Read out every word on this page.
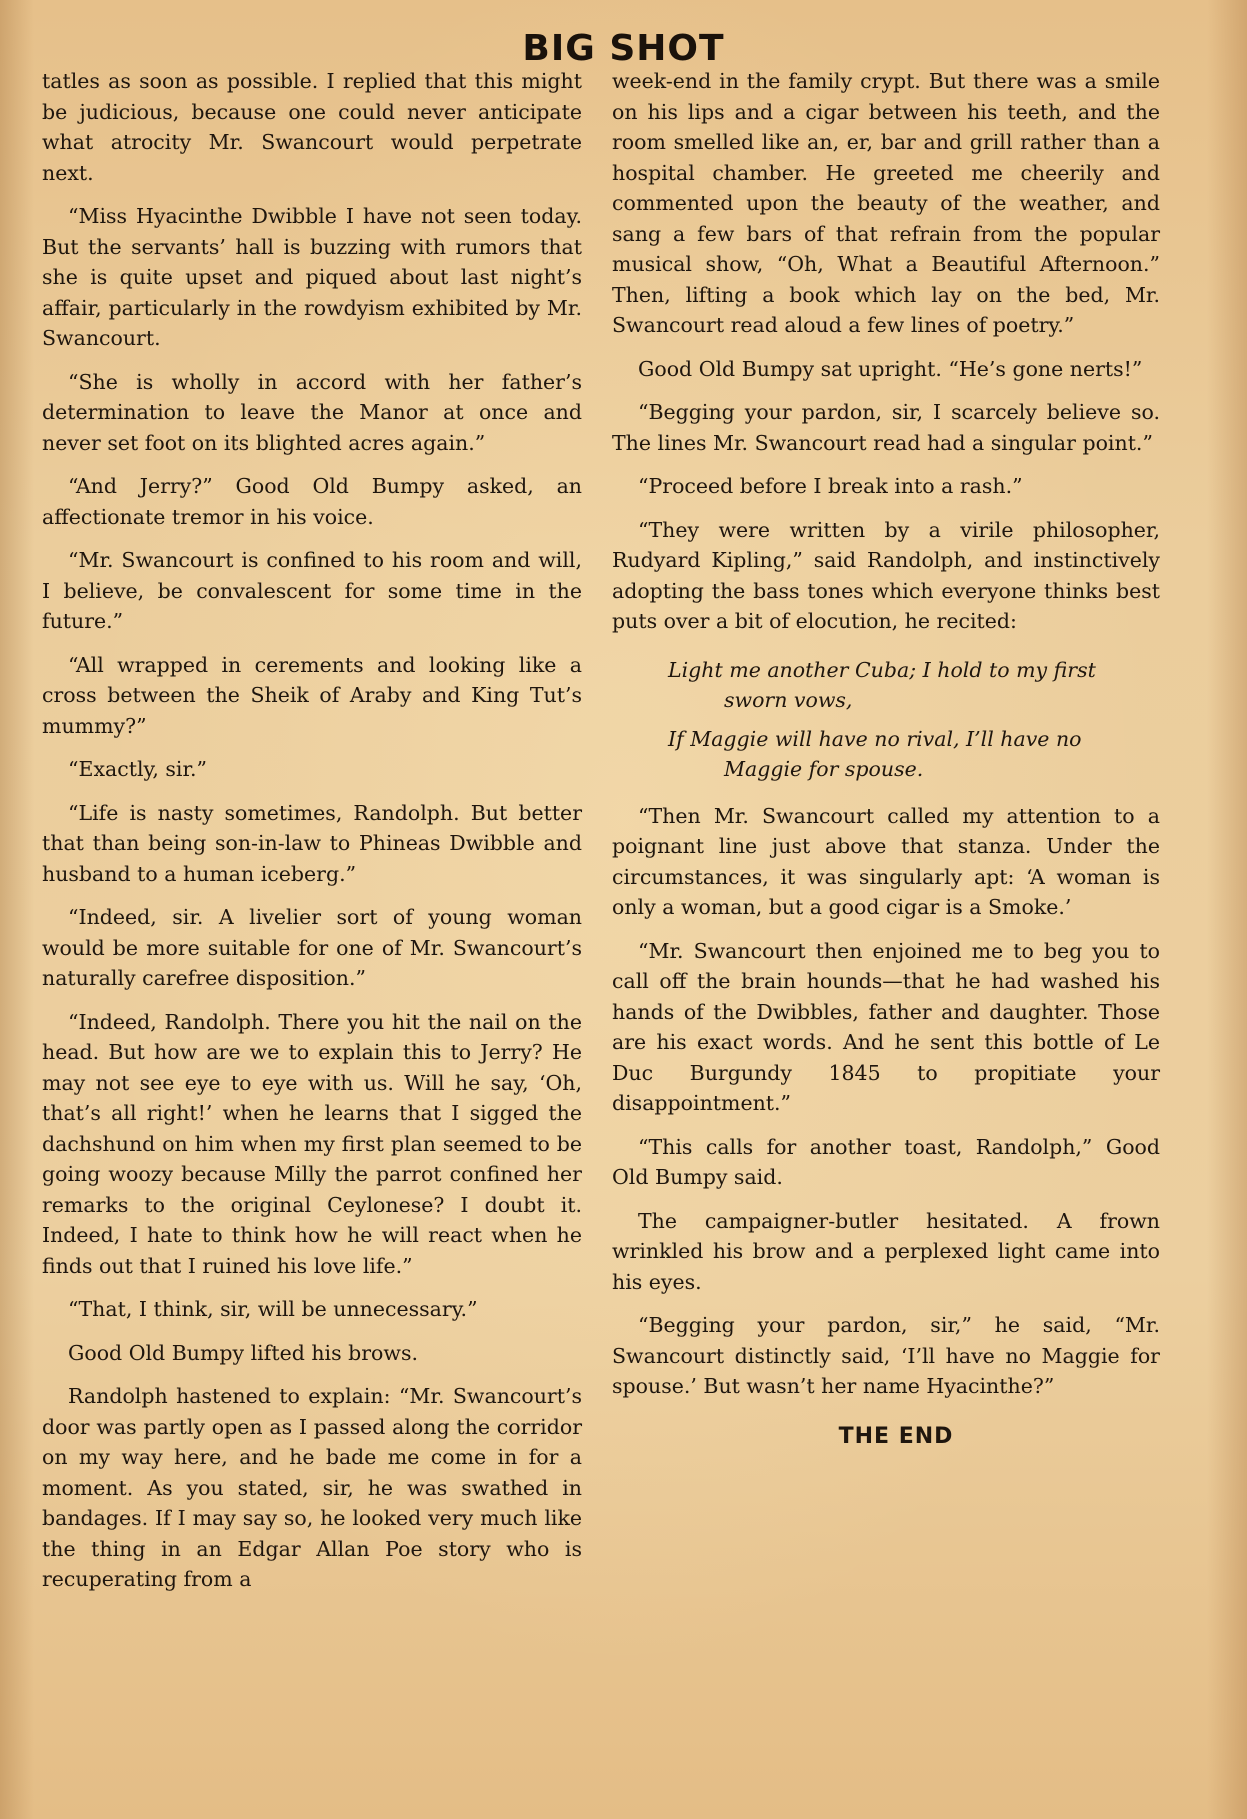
BIG SHOT

tatles as soon as possible. I replied that this might be judicious, because one could never anticipate what atrocity Mr. Swancourt would perpetrate next.

“Miss Hyacinthe Dwibble I have not seen today. But the servants’ hall is buzzing with rumors that she is quite upset and piqued about last night’s affair, particularly in the rowdyism exhibited by Mr. Swancourt.

“She is wholly in accord with her father’s determination to leave the Manor at once and never set foot on its blighted acres again.”

“And Jerry?” Good Old Bumpy asked, an affectionate tremor in his voice.

“Mr. Swancourt is confined to his room and will, I believe, be convalescent for some time in the future.”

“All wrapped in cerements and looking like a cross between the Sheik of Araby and King Tut’s mummy?”

“Exactly, sir.”

“Life is nasty sometimes, Randolph. But better that than being son-in-law to Phineas Dwibble and husband to a human iceberg.”

“Indeed, sir. A livelier sort of young woman would be more suitable for one of Mr. Swancourt’s naturally carefree disposition.”

“Indeed, Randolph. There you hit the nail on the head. But how are we to explain this to Jerry? He may not see eye to eye with us. Will he say, ‘Oh, that’s all right!’ when he learns that I sigged the dachshund on him when my first plan seemed to be going woozy because Milly the parrot confined her remarks to the original Ceylonese? I doubt it. Indeed, I hate to think how he will react when he finds out that I ruined his love life.”

“That, I think, sir, will be unnecessary.”

Good Old Bumpy lifted his brows.

Randolph hastened to explain: “Mr. Swancourt’s door was partly open as I passed along the corridor on my way here, and he bade me come in for a moment. As you stated, sir, he was swathed in bandages. If I may say so, he looked very much like the thing in an Edgar Allan Poe story who is recuperating from a

week-end in the family crypt. But there was a smile on his lips and a cigar between his teeth, and the room smelled like an, er, bar and grill rather than a hospital chamber. He greeted me cheerily and commented upon the beauty of the weather, and sang a few bars of that refrain from the popular musical show, “Oh, What a Beautiful Afternoon.” Then, lifting a book which lay on the bed, Mr. Swancourt read aloud a few lines of poetry.”

Good Old Bumpy sat upright. “He’s gone nerts!”

“Begging your pardon, sir, I scarcely believe so. The lines Mr. Swancourt read had a singular point.”

“Proceed before I break into a rash.”

“They were written by a virile philosopher, Rudyard Kipling,” said Randolph, and instinctively adopting the bass tones which everyone thinks best puts over a bit of elocution, he recited:

Light me another Cuba; I hold to my first
sworn vows,
If Maggie will have no rival, I’ll have no
Maggie for spouse.

“Then Mr. Swancourt called my attention to a poignant line just above that stanza. Under the circumstances, it was singularly apt: ‘A woman is only a woman, but a good cigar is a Smoke.’

“Mr. Swancourt then enjoined me to beg you to call off the brain hounds—that he had washed his hands of the Dwibbles, father and daughter. Those are his exact words. And he sent this bottle of Le Duc Burgundy 1845 to propitiate your disappointment.”

“This calls for another toast, Randolph,” Good Old Bumpy said.

The campaigner-butler hesitated. A frown wrinkled his brow and a perplexed light came into his eyes.

“Begging your pardon, sir,” he said, “Mr. Swancourt distinctly said, ‘I’ll have no Maggie for spouse.’ But wasn’t her name Hyacinthe?”

THE END
